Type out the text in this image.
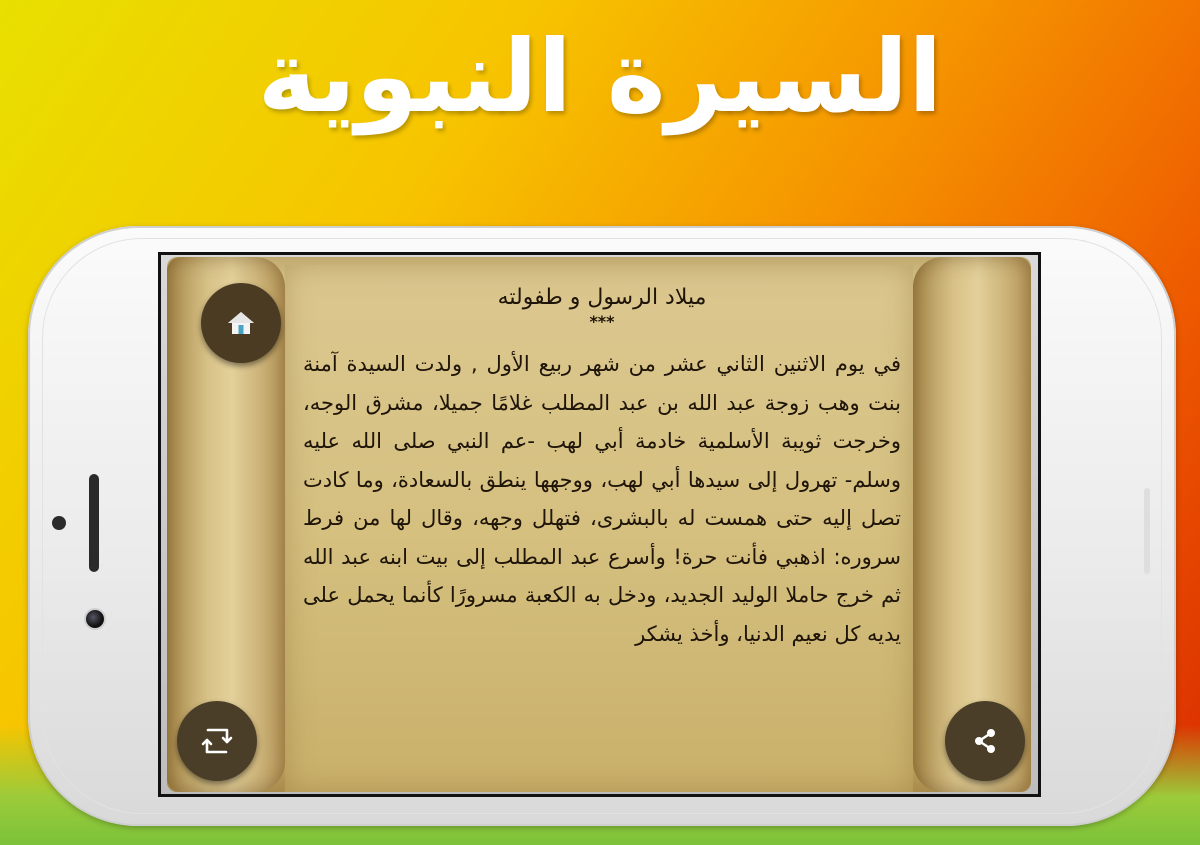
السيرة النبوية
ميلاد الرسول و طفولته
***
في يوم الاثنين الثاني عشر من شهر ربيع الأول , ولدت السيدة آمنة بنت وهب زوجة عبد الله بن عبد المطلب غلامًا جميلا، مشرق الوجه، وخرجت ثويبة الأسلمية خادمة أبي لهب -عم النبي صلى الله عليه وسلم- تهرول إلى سيدها أبي لهب، ووجهها ينطق بالسعادة، وما كادت تصل إليه حتى همست له بالبشرى، فتهلل وجهه، وقال لها من فرط سروره: اذهبي فأنت حرة! وأسرع عبد المطلب إلى بيت ابنه عبد الله ثم خرج حاملا الوليد الجديد، ودخل به الكعبة مسرورًا كأنما يحمل على يديه كل نعيم الدنيا، وأخذ يشكر
